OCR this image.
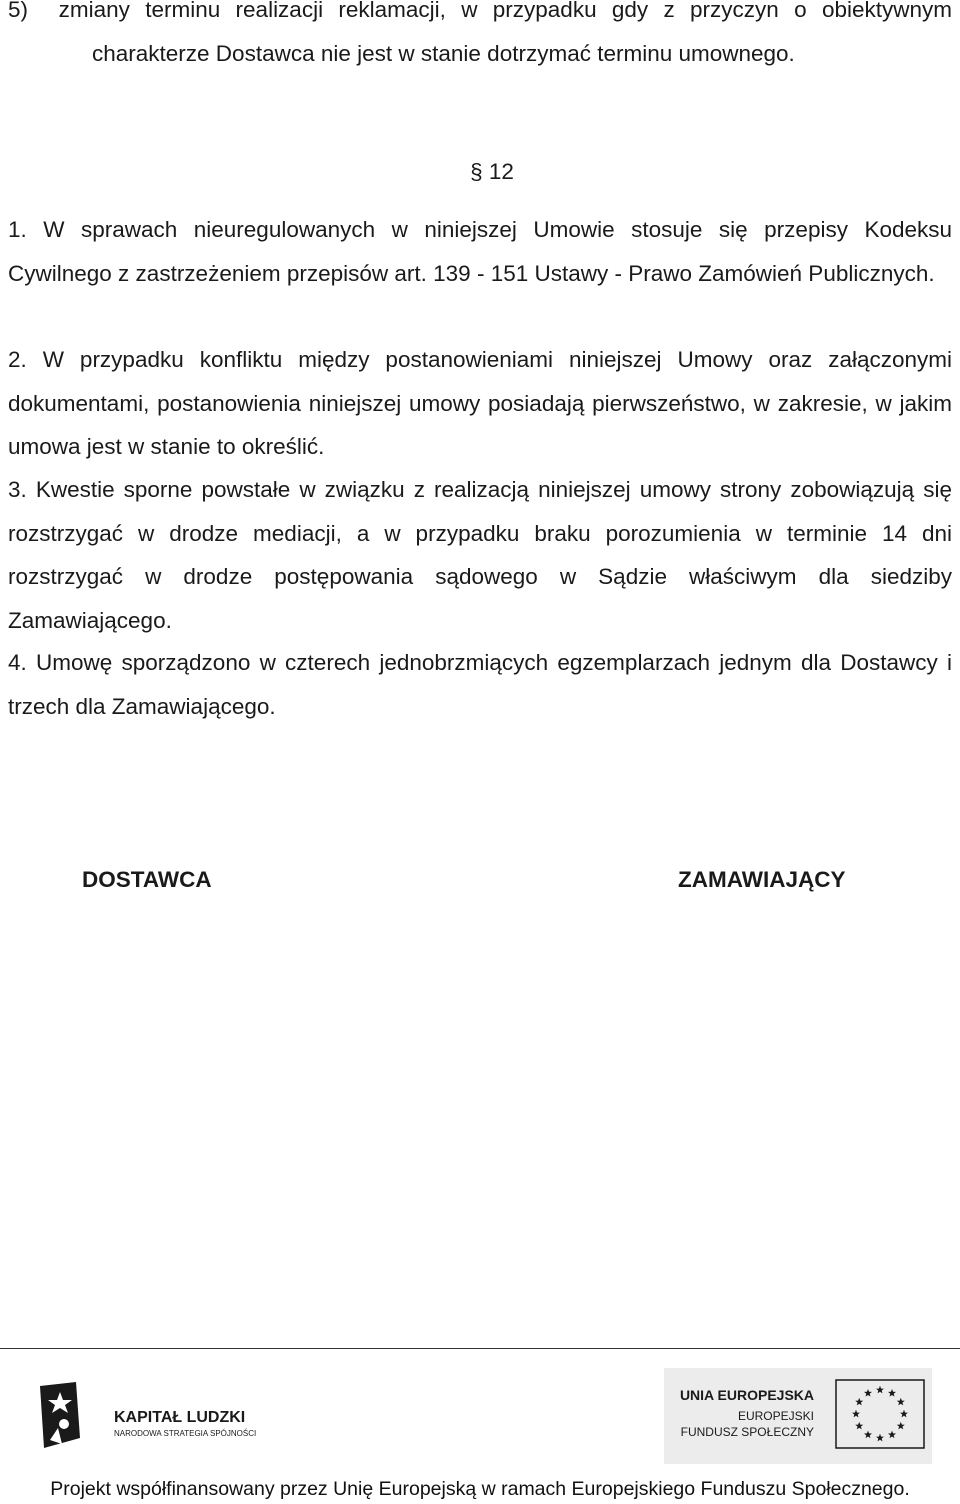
5)  zmiany terminu realizacji reklamacji, w przypadku gdy z przyczyn o obiektywnym charakterze Dostawca nie jest w stanie dotrzymać terminu umownego.

§ 12

1. W sprawach nieuregulowanych w niniejszej Umowie stosuje się przepisy Kodeksu Cywilnego z zastrzeżeniem przepisów art. 139 - 151 Ustawy - Prawo Zamówień Publicznych.

2. W przypadku konfliktu między postanowieniami niniejszej Umowy oraz załączonymi dokumentami, postanowienia niniejszej umowy posiadają pierwszeństwo, w zakresie, w jakim umowa jest w stanie to określić.

3. Kwestie sporne powstałe w związku z realizacją niniejszej umowy strony zobowiązują się rozstrzygać w drodze mediacji, a w przypadku braku porozumienia w terminie 14 dni rozstrzygać w drodze postępowania sądowego w Sądzie właściwym dla siedziby Zamawiającego.

4. Umowę sporządzono w czterech jednobrzmiących egzemplarzach jednym dla Dostawcy i trzech dla Zamawiającego.

DOSTAWCA	ZAMAWIAJĄCY
KAPITAŁ LUDZKI
NARODOWA STRATEGIA SPÓJNOŚCI
UNIA EUROPEJSKA
EUROPEJSKI
FUNDUSZ SPOŁECZNY
Projekt współfinansowany przez Unię Europejską w ramach Europejskiego Funduszu Społecznego.
